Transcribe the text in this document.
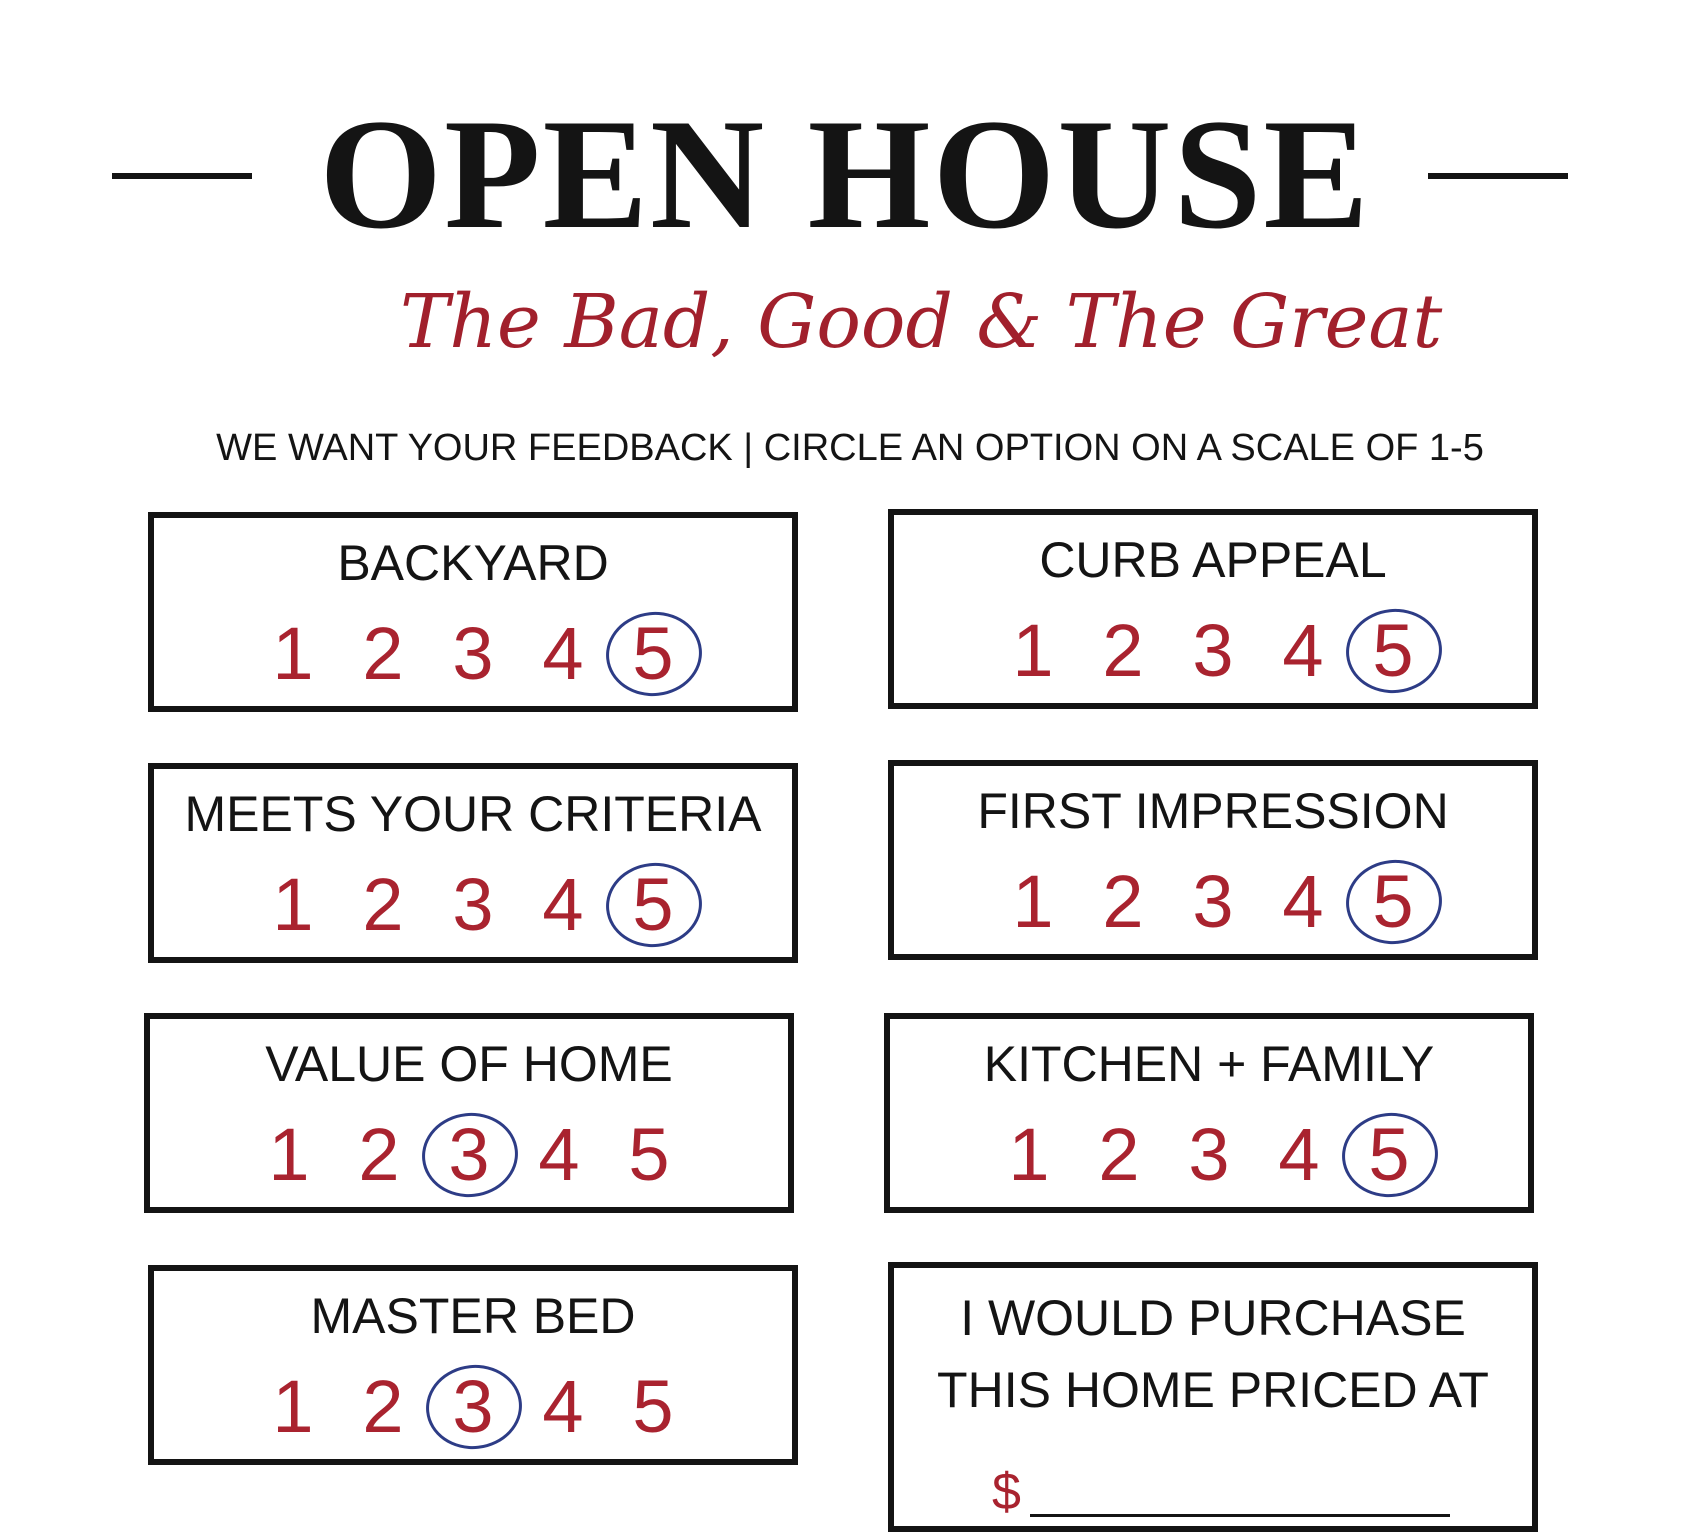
OPEN HOUSE
The Bad, Good & The Great
WE WANT YOUR FEEDBACK | CIRCLE AN OPTION ON A SCALE OF 1-5
BACKYARD
1 2 3 4 5
CURB APPEAL
1 2 3 4 5
MEETS YOUR CRITERIA
1 2 3 4 5
FIRST IMPRESSION
1 2 3 4 5
VALUE OF HOME
1 2 3 4 5
KITCHEN + FAMILY
1 2 3 4 5
MASTER BED
1 2 3 4 5
I WOULD PURCHASE
THIS HOME PRICED AT
$
